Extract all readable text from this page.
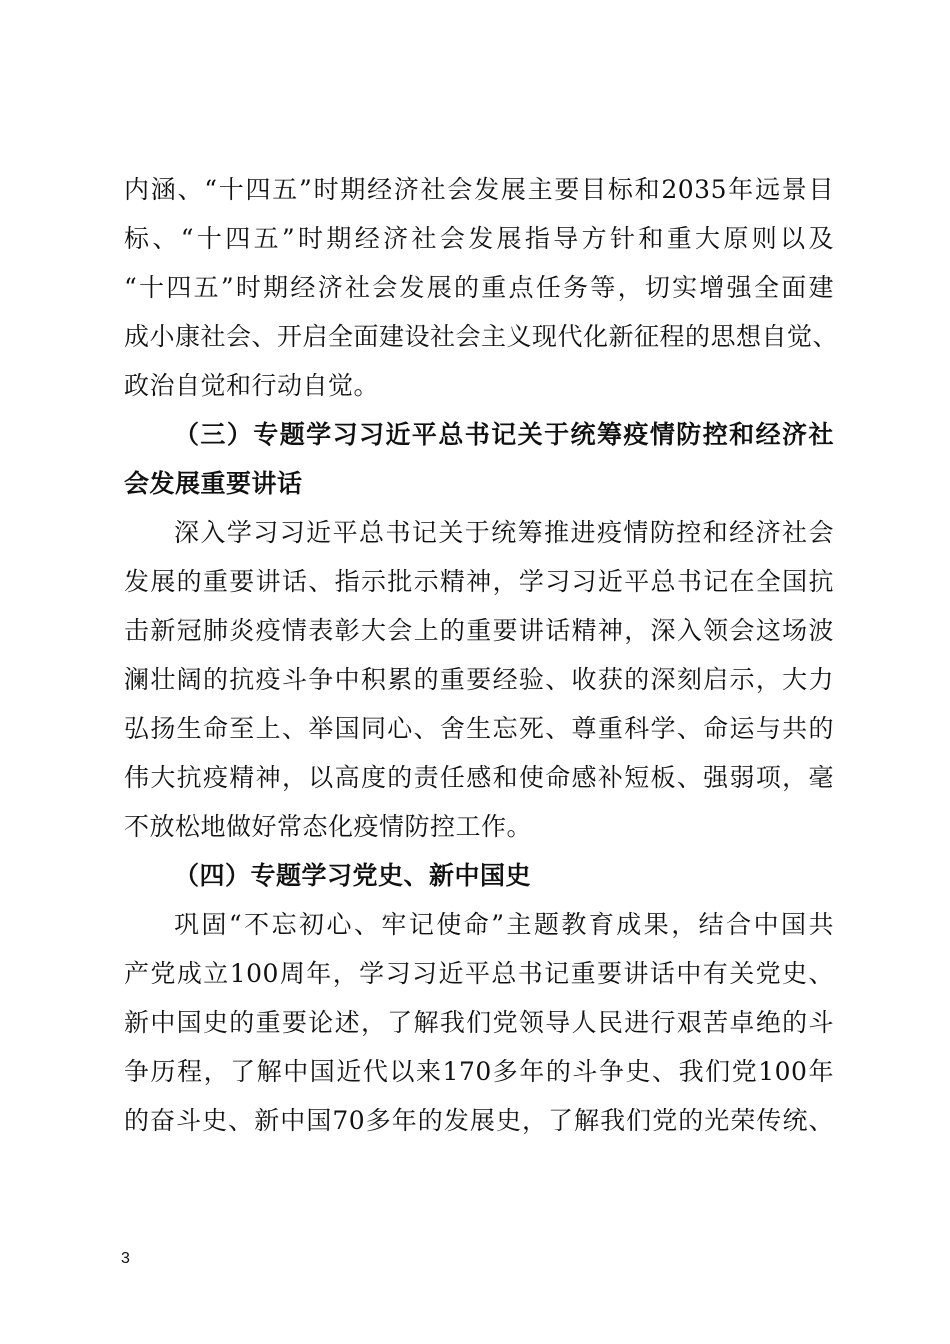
内涵、“十四五”时期经济社会发展主要目标和2035年远景目
标、“十四五”时期经济社会发展指导方针和重大原则以及
“十四五”时期经济社会发展的重点任务等，切实增强全面建
成小康社会、开启全面建设社会主义现代化新征程的思想自觉、
政治自觉和行动自觉。
（三）专题学习习近平总书记关于统筹疫情防控和经济社
会发展重要讲话
深入学习习近平总书记关于统筹推进疫情防控和经济社会
发展的重要讲话、指示批示精神，学习习近平总书记在全国抗
击新冠肺炎疫情表彰大会上的重要讲话精神，深入领会这场波
澜壮阔的抗疫斗争中积累的重要经验、收获的深刻启示，大力
弘扬生命至上、举国同心、舍生忘死、尊重科学、命运与共的
伟大抗疫精神，以高度的责任感和使命感补短板、强弱项，毫
不放松地做好常态化疫情防控工作。
（四）专题学习党史、新中国史
巩固“不忘初心、牢记使命”主题教育成果，结合中国共
产党成立100周年，学习习近平总书记重要讲话中有关党史、
新中国史的重要论述，了解我们党领导人民进行艰苦卓绝的斗
争历程，了解中国近代以来170多年的斗争史、我们党100年
的奋斗史、新中国70多年的发展史，了解我们党的光荣传统、
3
